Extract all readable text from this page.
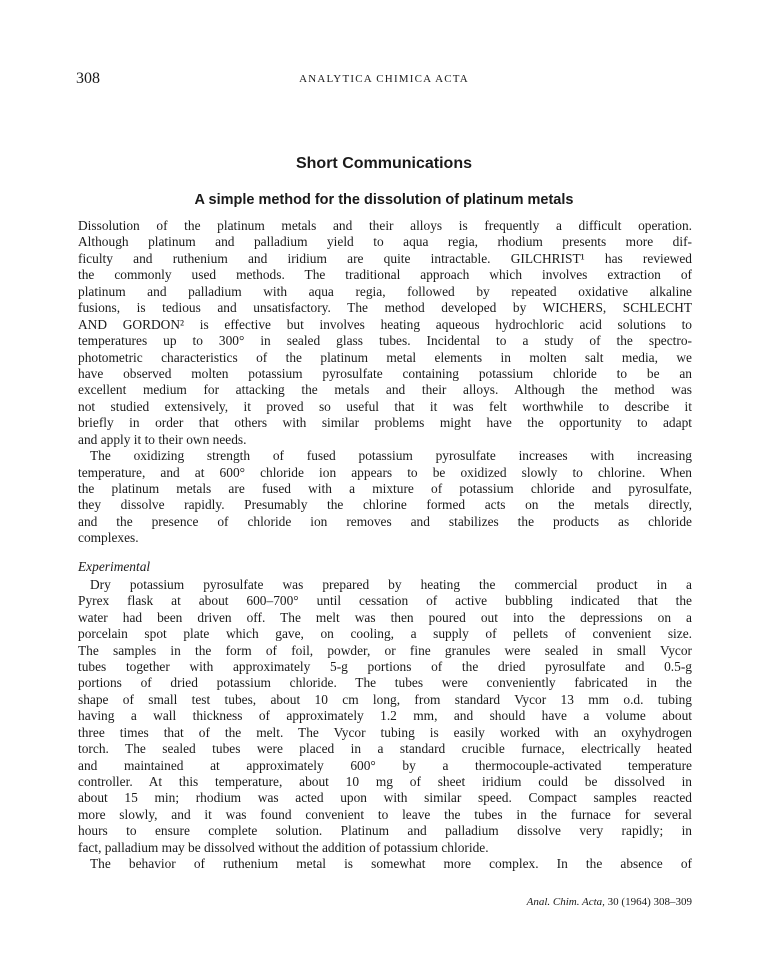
308	ANALYTICA CHIMICA ACTA
Short Communications
A simple method for the dissolution of platinum metals
Dissolution of the platinum metals and their alloys is frequently a difficult operation.
Although platinum and palladium yield to aqua regia, rhodium presents more dif-
ficulty and ruthenium and iridium are quite intractable. GILCHRIST¹ has reviewed
the commonly used methods. The traditional approach which involves extraction of
platinum and palladium with aqua regia, followed by repeated oxidative alkaline
fusions, is tedious and unsatisfactory. The method developed by WICHERS, SCHLECHT
AND GORDON² is effective but involves heating aqueous hydrochloric acid solutions to
temperatures up to 300° in sealed glass tubes. Incidental to a study of the spectro-
photometric characteristics of the platinum metal elements in molten salt media, we
have observed molten potassium pyrosulfate containing potassium chloride to be an
excellent medium for attacking the metals and their alloys. Although the method was
not studied extensively, it proved so useful that it was felt worthwhile to describe it
briefly in order that others with similar problems might have the opportunity to adapt
and apply it to their own needs.
The oxidizing strength of fused potassium pyrosulfate increases with increasing
temperature, and at 600° chloride ion appears to be oxidized slowly to chlorine. When
the platinum metals are fused with a mixture of potassium chloride and pyrosulfate,
they dissolve rapidly. Presumably the chlorine formed acts on the metals directly,
and the presence of chloride ion removes and stabilizes the products as chloride
complexes.
Experimental
Dry potassium pyrosulfate was prepared by heating the commercial product in a
Pyrex flask at about 600–700° until cessation of active bubbling indicated that the
water had been driven off. The melt was then poured out into the depressions on a
porcelain spot plate which gave, on cooling, a supply of pellets of convenient size.
The samples in the form of foil, powder, or fine granules were sealed in small Vycor
tubes together with approximately 5-g portions of the dried pyrosulfate and 0.5-g
portions of dried potassium chloride. The tubes were conveniently fabricated in the
shape of small test tubes, about 10 cm long, from standard Vycor 13 mm o.d. tubing
having a wall thickness of approximately 1.2 mm, and should have a volume about
three times that of the melt. The Vycor tubing is easily worked with an oxyhydrogen
torch. The sealed tubes were placed in a standard crucible furnace, electrically heated
and maintained at approximately 600° by a thermocouple-activated temperature
controller. At this temperature, about 10 mg of sheet iridium could be dissolved in
about 15 min; rhodium was acted upon with similar speed. Compact samples reacted
more slowly, and it was found convenient to leave the tubes in the furnace for several
hours to ensure complete solution. Platinum and palladium dissolve very rapidly; in
fact, palladium may be dissolved without the addition of potassium chloride.
The behavior of ruthenium metal is somewhat more complex. In the absence of
Anal. Chim. Acta, 30 (1964) 308–309
